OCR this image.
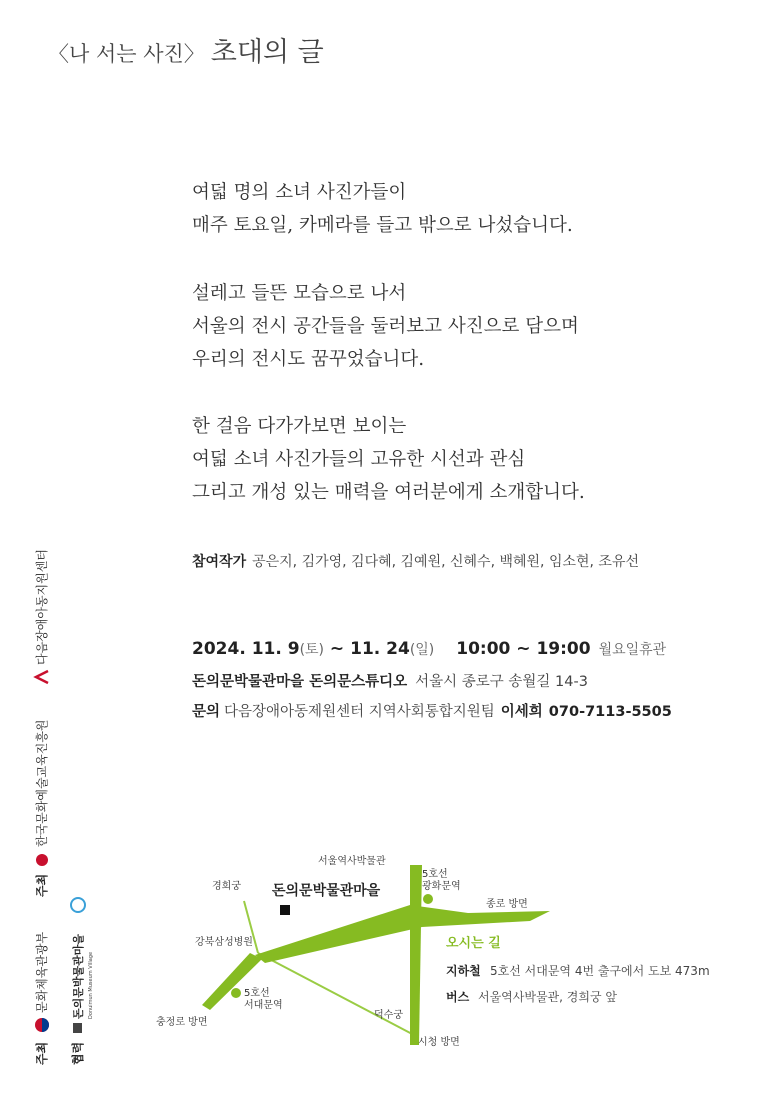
〈나 서는 사진〉 초대의 글
여덟 명의 소녀 사진가들이
매주 토요일, 카메라를 들고 밖으로 나섰습니다.
설레고 들뜬 모습으로 나서
서울의 전시 공간들을 둘러보고 사진으로 담으며
우리의 전시도 꿈꾸었습니다.
한 걸음 다가가보면 보이는
여덟 소녀 사진가들의 고유한 시선과 관심
그리고 개성 있는 매력을 여러분에게 소개합니다.
참여작가 공은지, 김가영, 김다혜, 김예원, 신혜수, 백혜원, 임소현, 조유선
2024. 11. 9(토) ~ 11. 24(일) 10:00 ~ 19:00 월요일휴관
돈의문박물관마을 돈의문스튜디오 서울시 종로구 송월길 14-3
문의 다음장애아동제원센터 지역사회통합지원팀 이세희 070-7113-5505
서울역사박물관
경희궁 돈의문박물관마을
강북삼성병원
5호선
광화문역
종로 방면
5호선
서대문역
충정로 방면
덕수궁
시청 방면
오시는 길
지하철 5호선 서대문역 4번 출구에서 도보 473m
버스 서울역사박물관, 경희궁 앞
주최
문화체육관광부
주최
한국문화예술교육진흥원
다음장애아동지원센터
협력
돈의문박물관마을 Donuimun Museum Village
